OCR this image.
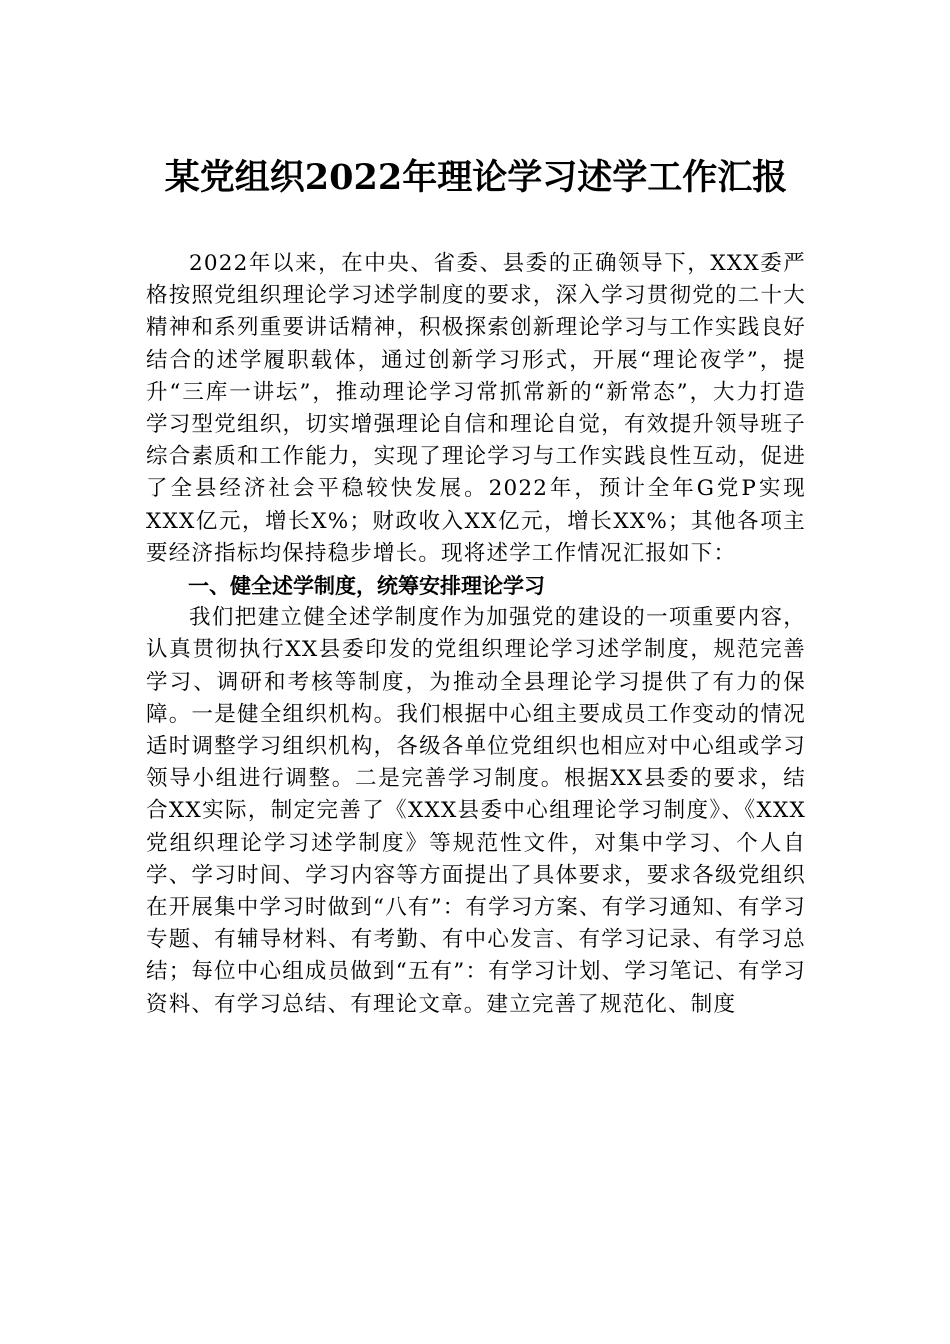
某党组织2022年理论学习述学工作汇报

2022年以来，在中央、省委、县委的正确领导下，XXX委严格按照党组织理论学习述学制度的要求，深入学习贯彻党的二十大精神和系列重要讲话精神，积极探索创新理论学习与工作实践良好结合的述学履职载体，通过创新学习形式，开展“理论夜学”，提升“三库一讲坛”，推动理论学习常抓常新的“新常态”，大力打造学习型党组织，切实增强理论自信和理论自觉，有效提升领导班子综合素质和工作能力，实现了理论学习与工作实践良性互动，促进了全县经济社会平稳较快发展。2022年，预计全年G党P实现XXX亿元，增长X%；财政收入XX亿元，增长XX%；其他各项主要经济指标均保持稳步增长。现将述学工作情况汇报如下：

一、健全述学制度，统筹安排理论学习

我们把建立健全述学制度作为加强党的建设的一项重要内容，认真贯彻执行XX县委印发的党组织理论学习述学制度，规范完善学习、调研和考核等制度，为推动全县理论学习提供了有力的保障。一是健全组织机构。我们根据中心组主要成员工作变动的情况适时调整学习组织机构，各级各单位党组织也相应对中心组或学习领导小组进行调整。二是完善学习制度。根据XX县委的要求，结合XX实际，制定完善了《XXX县委中心组理论学习制度》、《XXX党组织理论学习述学制度》等规范性文件，对集中学习、个人自学、学习时间、学习内容等方面提出了具体要求，要求各级党组织在开展集中学习时做到“八有”：有学习方案、有学习通知、有学习专题、有辅导材料、有考勤、有中心发言、有学习记录、有学习总结；每位中心组成员做到“五有”：有学习计划、学习笔记、有学习资料、有学习总结、有理论文章。建立完善了规范化、制度
